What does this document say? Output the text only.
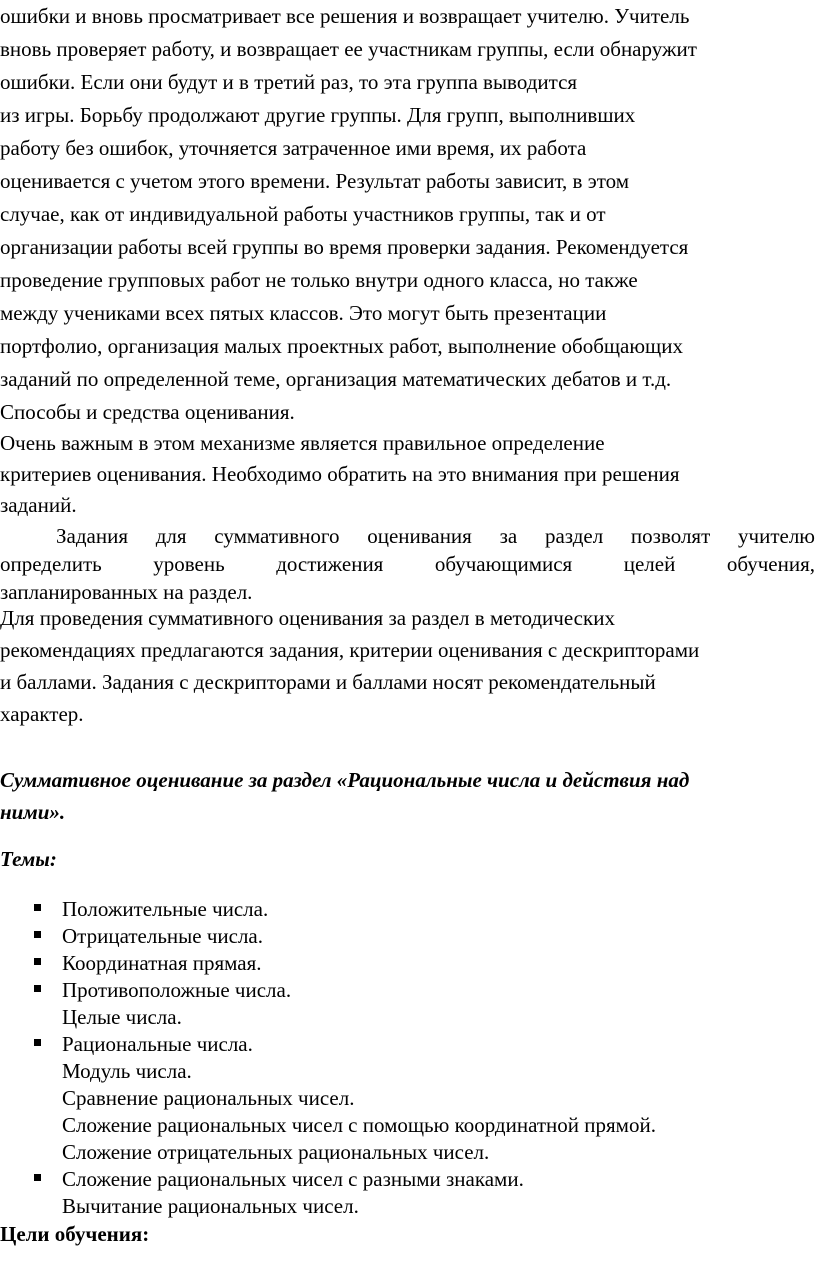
ошибки и вновь просматривает все решения и возвращает учителю. Учитель
вновь проверяет работу, и возвращает ее участникам группы, если обнаружит
ошибки. Если они будут и в третий раз, то эта группа выводится
из игры. Борьбу продолжают другие группы. Для групп, выполнивших
работу без ошибок, уточняется затраченное ими время, их работа
оценивается с учетом этого времени. Результат работы зависит, в этом
случае, как от индивидуальной работы участников группы, так и от
организации работы всей группы во время проверки задания. Рекомендуется
проведение групповых работ не только внутри одного класса, но также
между учениками всех пятых классов. Это могут быть презентации
портфолио, организация малых проектных работ, выполнение обобщающих
заданий по определенной теме, организация математических дебатов и т.д.
Способы и средства оценивания.
Очень важным в этом механизме является правильное определение
критериев оценивания. Необходимо обратить на это внимания при решения
заданий.
Задания для суммативного оценивания за раздел позволят учителю
определить уровень достижения обучающимися целей обучения,
запланированных на раздел.
Для проведения суммативного оценивания за раздел в методических
рекомендациях предлагаются задания, критерии оценивания с дескрипторами
и баллами. Задания с дескрипторами и баллами носят рекомендательный
характер.
Суммативное оценивание за раздел «Рациональные числа и действия над
ними».
Темы:
Положительные числа.
Отрицательные числа.
Координатная прямая.
Противоположные числа.
Целые числа.
Рациональные числа.
Модуль числа.
Сравнение рациональных чисел.
Сложение рациональных чисел с помощью координатной прямой.
Сложение отрицательных рациональных чисел.
Сложение рациональных чисел с разными знаками.
Вычитание рациональных чисел.
Цели обучения:
